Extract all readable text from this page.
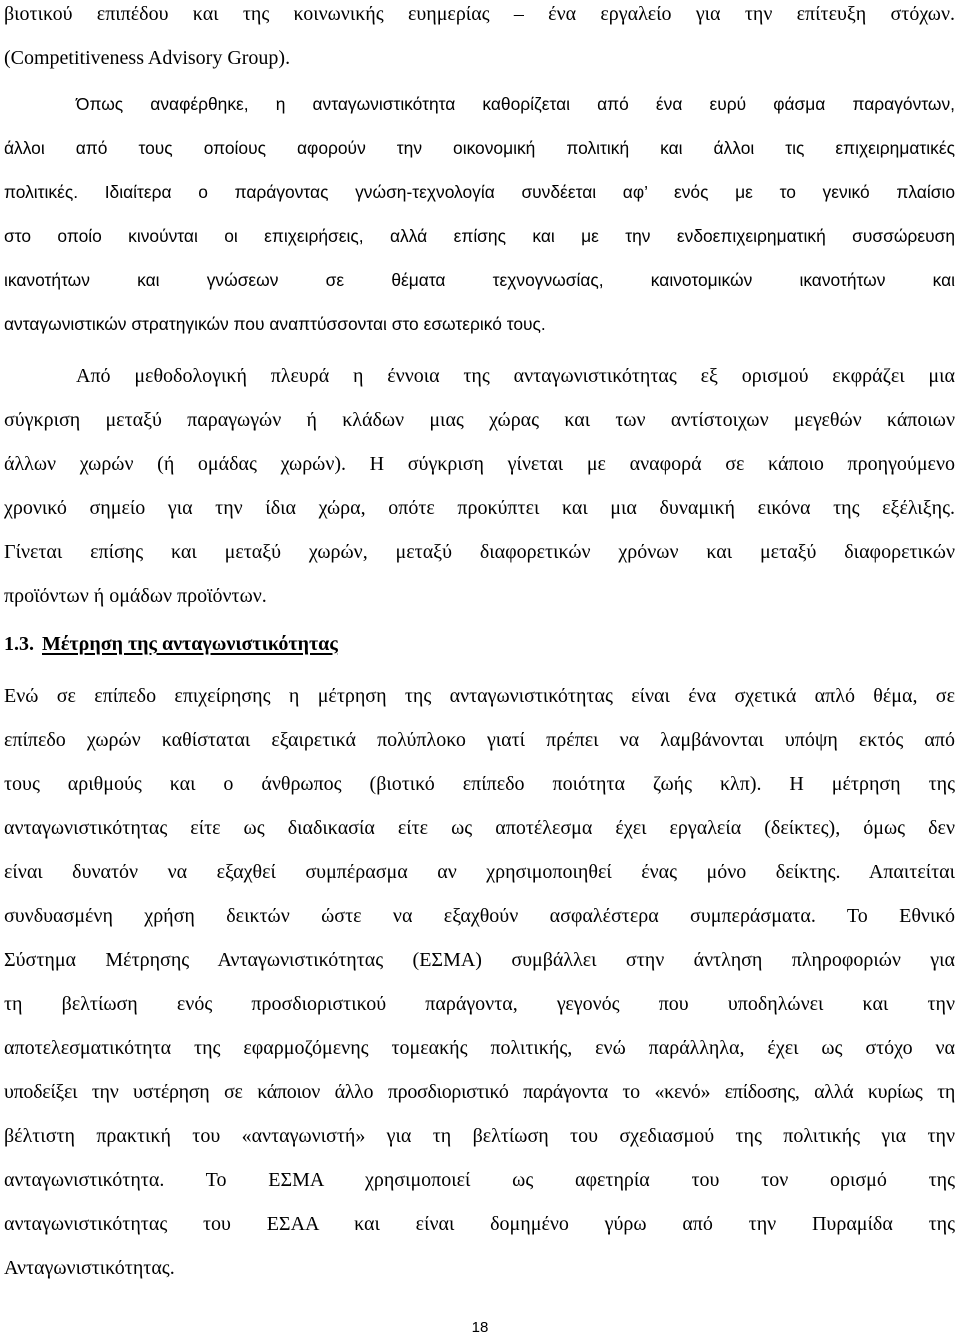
βιοτικού επιπέδου και της κοινωνικής ευημερίας – ένα εργαλείο για την επίτευξη στόχων.
(Competitiveness Advisory Group).
Όπως αναφέρθηκε, η ανταγωνιστικότητα καθορίζεται από ένα ευρύ φάσμα παραγόντων,
άλλοι από τους οποίους αφορούν την οικονομική πολιτική και άλλοι τις επιχειρηματικές
πολιτικές. Ιδιαίτερα ο παράγοντας γνώση-τεχνολογία συνδέεται αφ’ ενός με το γενικό πλαίσιο
στο οποίο κινούνται οι επιχειρήσεις, αλλά επίσης και με την ενδοεπιχειρηματική συσσώρευση
ικανοτήτων και γνώσεων σε θέματα τεχνογνωσίας, καινοτομικών ικανοτήτων και
ανταγωνιστικών στρατηγικών που αναπτύσσονται στο εσωτερικό τους.
Από μεθοδολογική πλευρά η έννοια της ανταγωνιστικότητας εξ ορισμού εκφράζει μια
σύγκριση μεταξύ παραγωγών ή κλάδων μιας χώρας και των αντίστοιχων μεγεθών κάποιων
άλλων χωρών (ή ομάδας χωρών). Η σύγκριση γίνεται με αναφορά σε κάποιο προηγούμενο
χρονικό σημείο για την ίδια χώρα, οπότε προκύπτει και μια δυναμική εικόνα της εξέλιξης.
Γίνεται επίσης και μεταξύ χωρών, μεταξύ διαφορετικών χρόνων και μεταξύ διαφορετικών
προϊόντων ή ομάδων προϊόντων.
1.3. Μέτρηση της ανταγωνιστικότητας
Ενώ σε επίπεδο επιχείρησης η μέτρηση της ανταγωνιστικότητας είναι ένα σχετικά απλό θέμα, σε
επίπεδο χωρών καθίσταται εξαιρετικά πολύπλοκο γιατί πρέπει να λαμβάνονται υπόψη εκτός από
τους αριθμούς και ο άνθρωπος (βιοτικό επίπεδο ποιότητα ζωής κλπ). Η μέτρηση της
ανταγωνιστικότητας είτε ως διαδικασία είτε ως αποτέλεσμα έχει εργαλεία (δείκτες), όμως δεν
είναι δυνατόν να εξαχθεί συμπέρασμα αν χρησιμοποιηθεί ένας μόνο δείκτης. Απαιτείται
συνδυασμένη χρήση δεικτών ώστε να εξαχθούν ασφαλέστερα συμπεράσματα. Το Εθνικό
Σύστημα Μέτρησης Ανταγωνιστικότητας (ΕΣΜΑ) συμβάλλει στην άντληση πληροφοριών για
τη βελτίωση ενός προσδιοριστικού παράγοντα, γεγονός που υποδηλώνει και την
αποτελεσματικότητα της εφαρμοζόμενης τομεακής πολιτικής, ενώ παράλληλα, έχει ως στόχο να
υποδείξει την υστέρηση σε κάποιον άλλο προσδιοριστικό παράγοντα το «κενό» επίδοσης, αλλά κυρίως τη
βέλτιστη πρακτική του «ανταγωνιστή» για τη βελτίωση του σχεδιασμού της πολιτικής για την
ανταγωνιστικότητα. Το ΕΣΜΑ χρησιμοποιεί ως αφετηρία του τον ορισμό της
ανταγωνιστικότητας του ΕΣΑΑ και είναι δομημένο γύρω από την Πυραμίδα της
Ανταγωνιστικότητας.
18
